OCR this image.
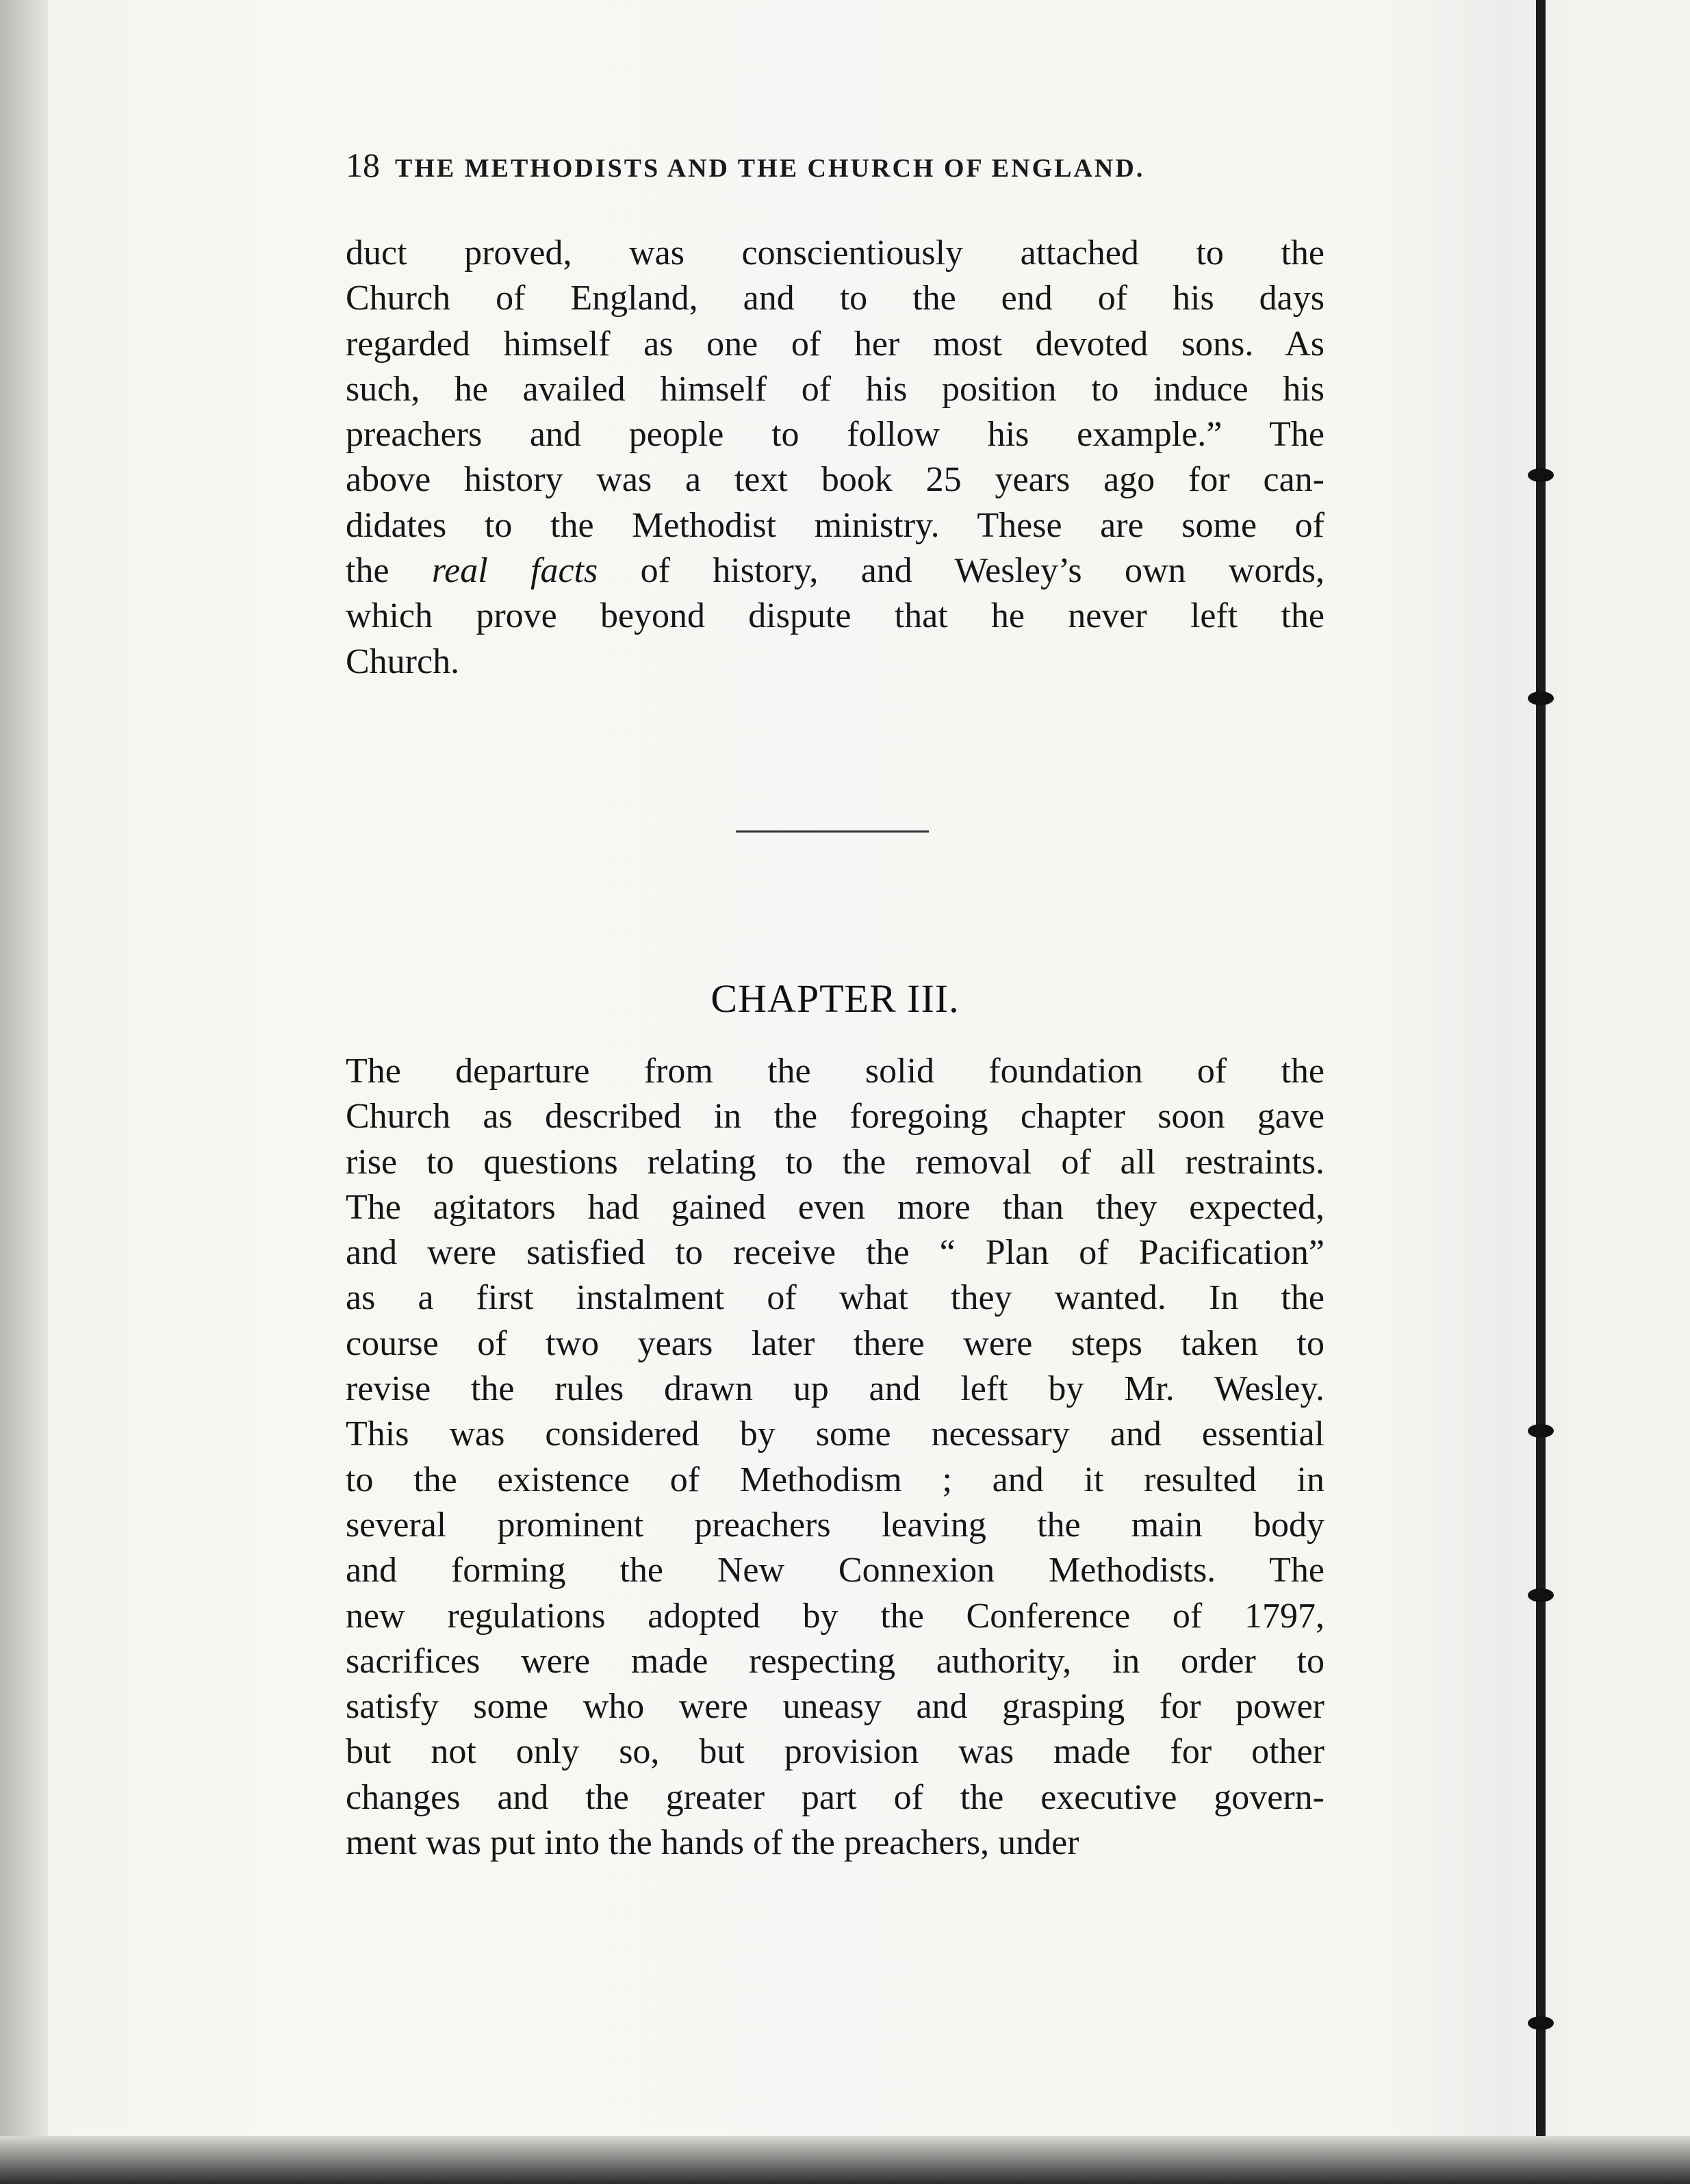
18 THE METHODISTS AND THE CHURCH OF ENGLAND.
duct proved, was conscientiously attached to the
Church of England, and to the end of his days
regarded himself as one of her most devoted sons. As
such, he availed himself of his position to induce his
preachers and people to follow his example.” The
above history was a text book 25 years ago for can-
didates to the Methodist ministry. These are some of
the real facts of history, and Wesley’s own words,
which prove beyond dispute that he never left the
Church.
CHAPTER III.
The departure from the solid foundation of the
Church as described in the foregoing chapter soon gave
rise to questions relating to the removal of all restraints.
The agitators had gained even more than they expected,
and were satisfied to receive the “ Plan of Pacification”
as a first instalment of what they wanted. In the
course of two years later there were steps taken to
revise the rules drawn up and left by Mr. Wesley.
This was considered by some necessary and essential
to the existence of Methodism ; and it resulted in
several prominent preachers leaving the main body
and forming the New Connexion Methodists. The
new regulations adopted by the Conference of 1797,
sacrifices were made respecting authority, in order to
satisfy some who were uneasy and grasping for power
but not only so, but provision was made for other
changes and the greater part of the executive govern-
ment was put into the hands of the preachers, under
